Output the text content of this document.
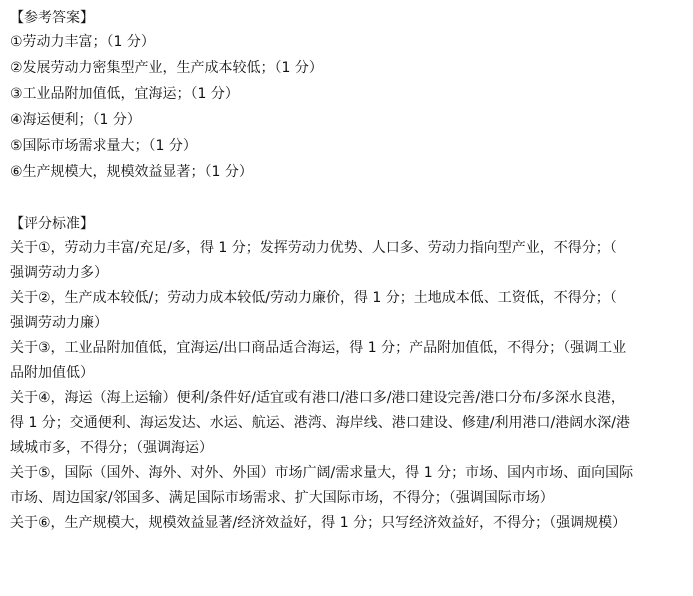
【参考答案】
①劳动力丰富；（1 分）
②发展劳动力密集型产业，生产成本较低；（1 分）
③工业品附加值低，宜海运；（1 分）
④海运便利；（1 分）
⑤国际市场需求量大；（1 分）
⑥生产规模大，规模效益显著；（1 分）
【评分标准】
关于①，劳动力丰富/充足/多，得 1 分；发挥劳动力优势、人口多、劳动力指向型产业，不得分；（
强调劳动力多）
关于②，生产成本较低/；劳动力成本较低/劳动力廉价，得 1 分；土地成本低、工资低，不得分；（
强调劳动力廉）
关于③，工业品附加值低，宜海运/出口商品适合海运，得 1 分；产品附加值低，不得分；（强调工业
品附加值低）
关于④，海运（海上运输）便利/条件好/适宜或有港口/港口多/港口建设完善/港口分布/多深水良港，
得 1 分；交通便利、海运发达、水运、航运、港湾、海岸线、港口建设、修建/利用港口/港阔水深/港
域城市多，不得分；（强调海运）
关于⑤，国际（国外、海外、对外、外国）市场广阔/需求量大，得 1 分；市场、国内市场、面向国际
市场、周边国家/邻国多、满足国际市场需求、扩大国际市场，不得分；（强调国际市场）
关于⑥，生产规模大，规模效益显著/经济效益好，得 1 分；只写经济效益好，不得分；（强调规模）
